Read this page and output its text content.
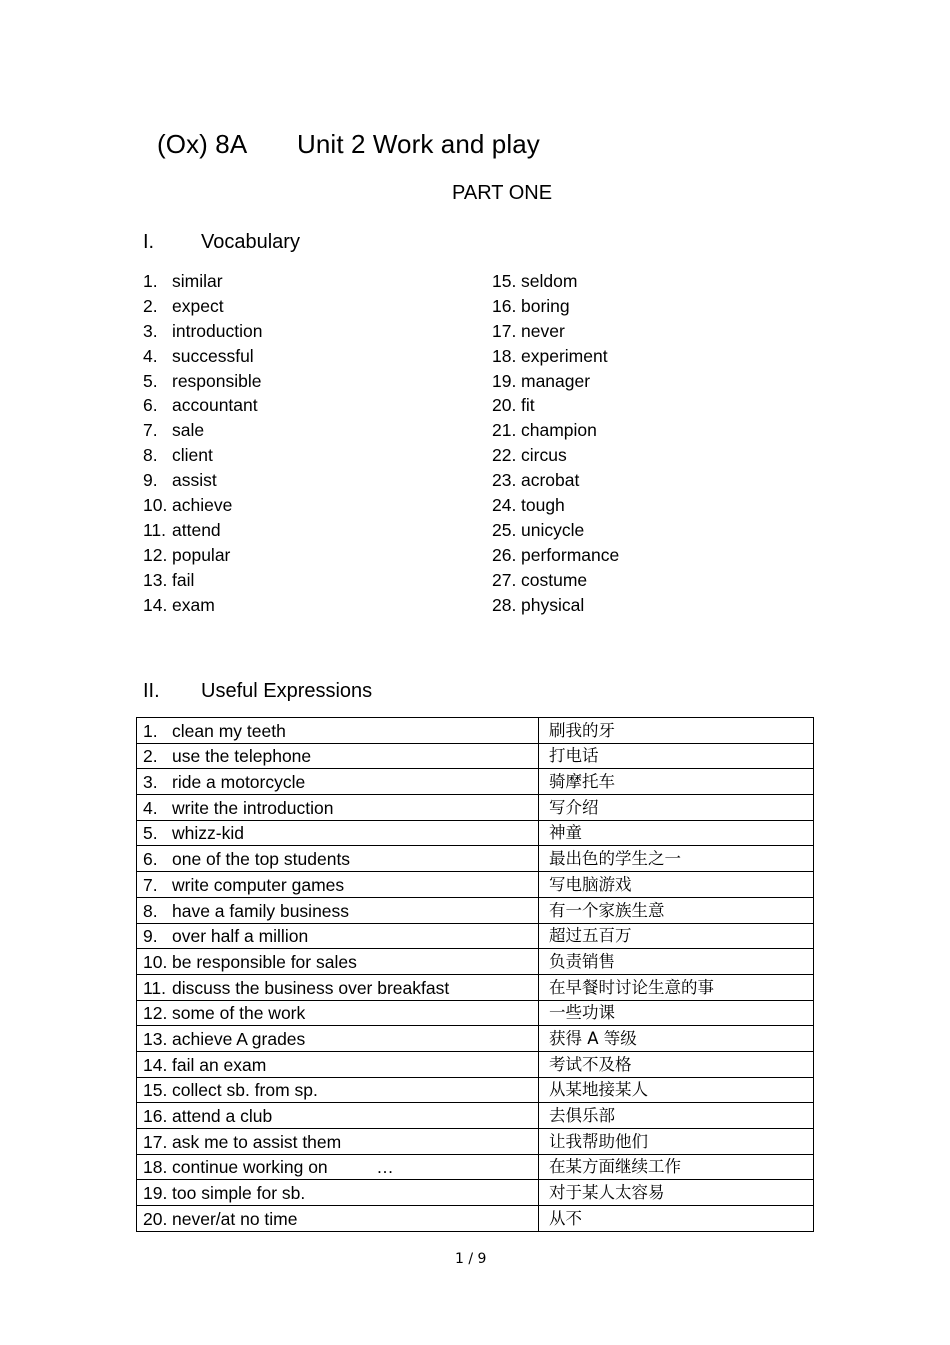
(Ox) 8A Unit 2 Work and play
PART ONE
I. Vocabulary
1. similar
2. expect
3. introduction
4. successful
5. responsible
6. accountant
7. sale
8. client
9. assist
10. achieve
11. attend
12. popular
13. fail
14. exam
15. seldom
16. boring
17. never
18. experiment
19. manager
20. fit
21. champion
22. circus
23. acrobat
24. tough
25. unicycle
26. performance
27. costume
28. physical
II. Useful Expressions
1. clean my teeth	刷我的牙
2. use the telephone	打电话
3. ride a motorcycle	骑摩托车
4. write the introduction	写介绍
5. whizz-kid	神童
6. one of the top students	最出色的学生之一
7. write computer games	写电脑游戏
8. have a family business	有一个家族生意
9. over half a million	超过五百万
10. be responsible for sales	负责销售
11. discuss the business over breakfast	在早餐时讨论生意的事
12. some of the work	一些功课
13. achieve A grades	获得 A 等级
14. fail an exam	考试不及格
15. collect sb. from sp.	从某地接某人
16. attend a club	去俱乐部
17. ask me to assist them	让我帮助他们
18. continue working on          …	在某方面继续工作
19. too simple for sb.	对于某人太容易
20. never/at no time	从不
1 / 9
